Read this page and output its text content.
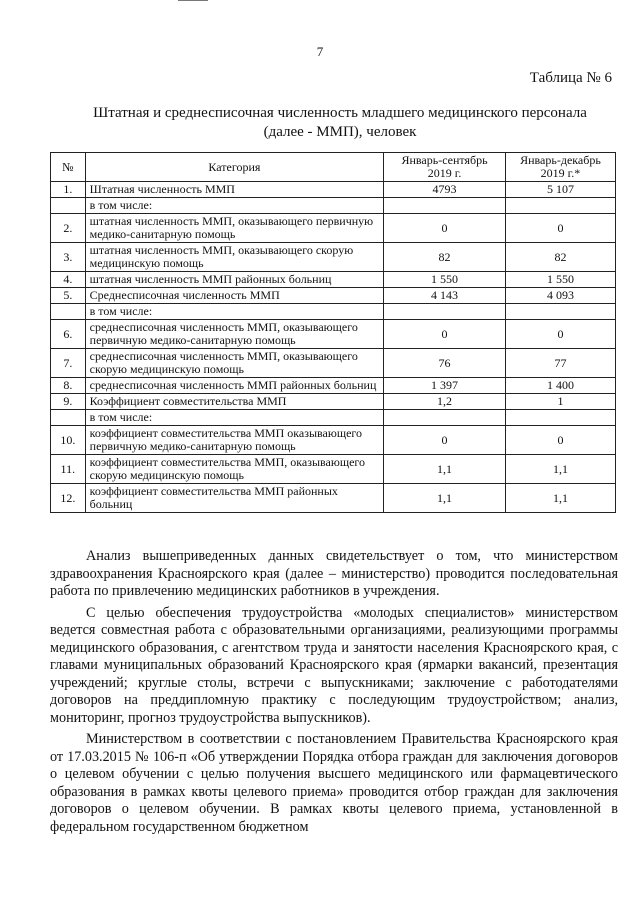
7
Таблица № 6
Штатная и среднесписочная численность младшего медицинского персонала (далее - ММП), человек
№	Категория	Январь-сентябрь 2019 г.	Январь-декабрь 2019 г.*
1.	Штатная численность ММП	4793	5 107
	в том числе:		
2.	штатная численность ММП, оказывающего первичную медико-санитарную помощь	0	0
3.	штатная численность ММП, оказывающего скорую медицинскую помощь	82	82
4.	штатная численность ММП районных больниц	1 550	1 550
5.	Среднесписочная численность ММП	4 143	4 093
	в том числе:		
6.	среднесписочная численность ММП, оказывающего первичную медико-санитарную помощь	0	0
7.	среднесписочная численность ММП, оказывающего скорую медицинскую помощь	76	77
8.	среднесписочная численность ММП районных больниц	1 397	1 400
9.	Коэффициент совместительства ММП	1,2	1
	в том числе:		
10.	коэффициент совместительства ММП оказывающего первичную медико-санитарную помощь	0	0
11.	коэффициент совместительства ММП, оказывающего скорую медицинскую помощь	1,1	1,1
12.	коэффициент совместительства ММП районных больниц	1,1	1,1

Анализ вышеприведенных данных свидетельствует о том, что министерством здравоохранения Красноярского края (далее – министерство) проводится последовательная работа по привлечению медицинских работников в учреждения.

С целью обеспечения трудоустройства «молодых специалистов» министерством ведется совместная работа с образовательными организациями, реализующими программы медицинского образования, с агентством труда и занятости населения Красноярского края, с главами муниципальных образований Красноярского края (ярмарки вакансий, презентация учреждений; круглые столы, встречи с выпускниками; заключение с работодателями договоров на преддипломную практику с последующим трудоустройством; анализ, мониторинг, прогноз трудоустройства выпускников).

Министерством в соответствии с постановлением Правительства Красноярского края от 17.03.2015 № 106-п «Об утверждении Порядка отбора граждан для заключения договоров о целевом обучении с целью получения высшего медицинского или фармацевтического образования в рамках квоты целевого приема» проводится отбор граждан для заключения договоров о целевом обучении. В рамках квоты целевого приема, установленной в федеральном государственном бюджетном
